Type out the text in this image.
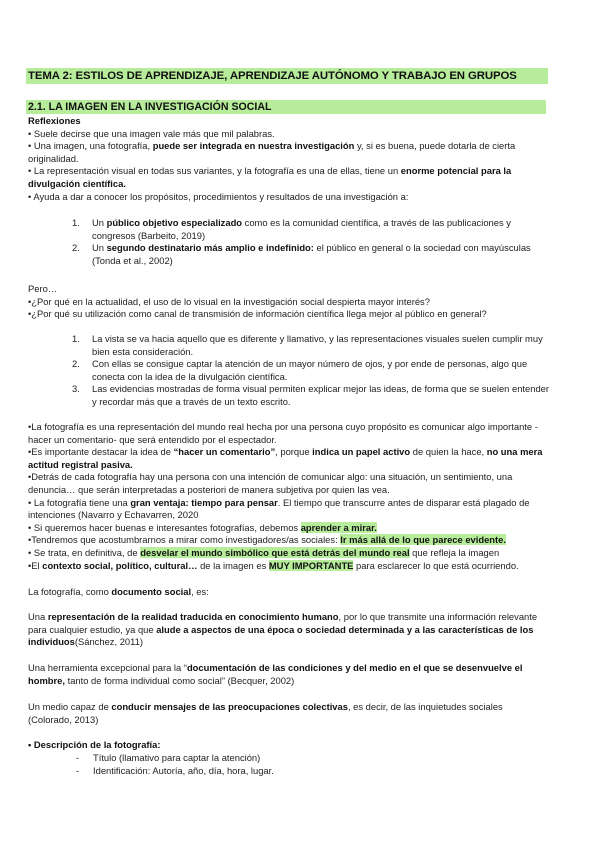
TEMA 2: ESTILOS DE APRENDIZAJE, APRENDIZAJE AUTÓNOMO Y TRABAJO EN GRUPOS
2.1. LA IMAGEN EN LA INVESTIGACIÓN SOCIAL

Reflexiones

• Suele decirse que una imagen vale más que mil palabras.

• Una imagen, una fotografía, puede ser integrada en nuestra investigación y, si es buena, puede dotarla de cierta originalidad.

• La representación visual en todas sus variantes, y la fotografía es una de ellas, tiene un enorme potencial para la divulgación científica.

• Ayuda a dar a conocer los propósitos, procedimientos y resultados de una investigación a:

1.	Un público objetivo especializado como es la comunidad científica, a través de las publicaciones y congresos (Barbeito, 2019)
2.	Un segundo destinatario más amplio e indefinido: el público en general o la sociedad con mayúsculas (Tonda et al., 2002)

Pero…

•¿Por qué en la actualidad, el uso de lo visual en la investigación social despierta mayor interés?

•¿Por qué su utilización como canal de transmisión de información científica llega mejor al público en general?

1.	La vista se va hacia aquello que es diferente y llamativo, y las representaciones visuales suelen cumplir muy bien esta consideración.
2.	Con ellas se consigue captar la atención de un mayor número de ojos, y por ende de personas, algo que conecta con la idea de la divulgación científica.
3.	Las evidencias mostradas de forma visual permiten explicar mejor las ideas, de forma que se suelen entender y recordar más que a través de un texto escrito.

•La fotografía es una representación del mundo real hecha por una persona cuyo propósito es comunicar algo importante -hacer un comentario- que será entendido por el espectador.

•Es importante destacar la idea de “hacer un comentario”, porque indica un papel activo de quien la hace, no una mera actitud registral pasiva.

•Detrás de cada fotografía hay una persona con una intención de comunicar algo: una situación, un sentimiento, una denuncia… que serán interpretadas a posteriori de manera subjetiva por quien las vea.

• La fotografía tiene una gran ventaja: tiempo para pensar. El tiempo que transcurre antes de disparar está plagado de intenciones (Navarro y Echavarren, 2020

• Si queremos hacer buenas e interesantes fotografías, debemos aprender a mirar.

•Tendremos que acostumbrarnos a mirar como investigadores/as sociales: Ir más allá de lo que parece evidente.

• Se trata, en definitiva, de desvelar el mundo simbólico que está detrás del mundo real que refleja la imagen

•El contexto social, político, cultural… de la imagen es MUY IMPORTANTE para esclarecer lo que está ocurriendo.

La fotografía, como documento social, es:

Una representación de la realidad traducida en conocimiento humano, por lo que transmite una información relevante para cualquier estudio, ya que alude a aspectos de una época o sociedad determinada y a las características de los individuos(Sánchez, 2011)

Una herramienta excepcional para la “documentación de las condiciones y del medio en el que se desenvuelve el hombre, tanto de forma individual como social” (Becquer, 2002)

Un medio capaz de conducir mensajes de las preocupaciones colectivas, es decir, de las inquietudes sociales (Colorado, 2013)

• Descripción de la fotografía:

-	Título (llamativo para captar la atención)
-	Identificación: Autoría, año, día, hora, lugar.
